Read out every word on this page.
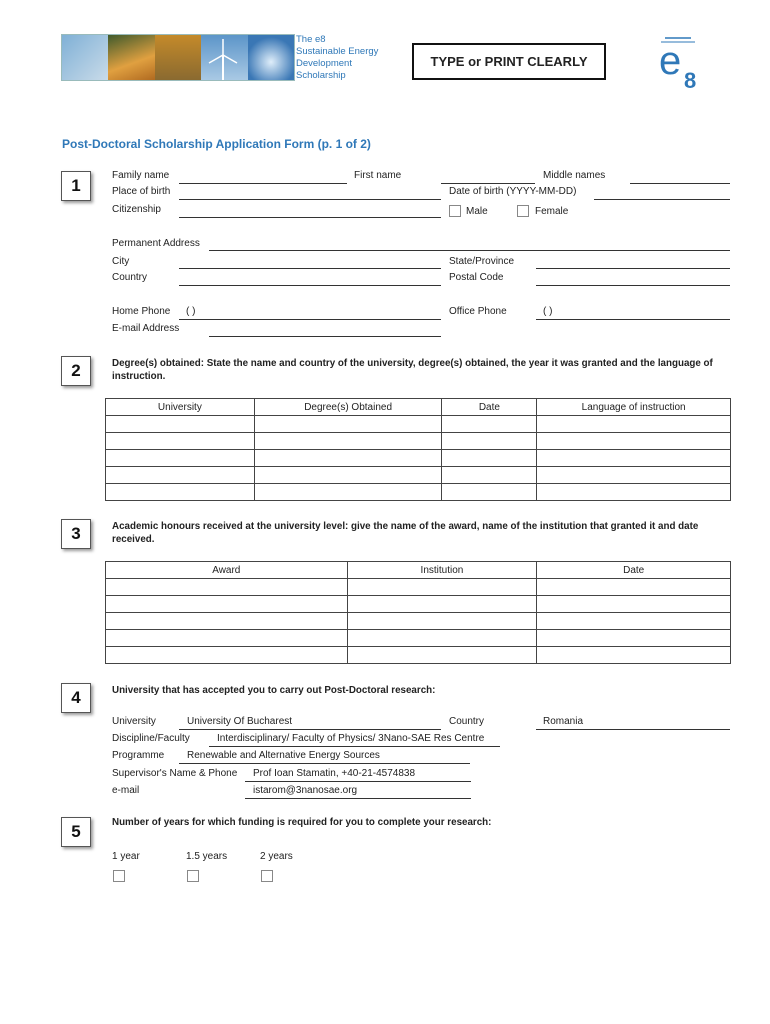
The e8
Sustainable Energy
Development
Scholarship
TYPE or PRINT CLEARLY	e 8
Post-Doctoral Scholarship Application Form (p. 1 of 2)
1
Family name	First name	Middle names
Place of birth	Date of birth (YYYY-MM-DD)
Citizenship	Male	Female
Permanent Address
City	State/Province
Country	Postal Code
Home Phone ( )	Office Phone	( )
E-mail Address
2	Degree(s) obtained: State the name and country of the university, degree(s) obtained, the year it was granted and the language of instruction.
University	Degree(s) Obtained	Date	Language of instruction

3	Academic honours received at the university level: give the name of the award, name of the institution that granted it and date received.
Award	Institution	Date

4	University that has accepted you to carry out Post-Doctoral research:
University	University Of Bucharest	Country	Romania
Discipline/Faculty	Interdisciplinary/ Faculty of Physics/ 3Nano-SAE Res Centre
Programme Renewable and Alternative Energy Sources
Supervisor's Name & Phone Prof Ioan Stamatin, +40-21-4574838
e-mail	istarom@3nanosae.org
5	Number of years for which funding is required for you to complete your research:
1 year	1.5 years	2 years
